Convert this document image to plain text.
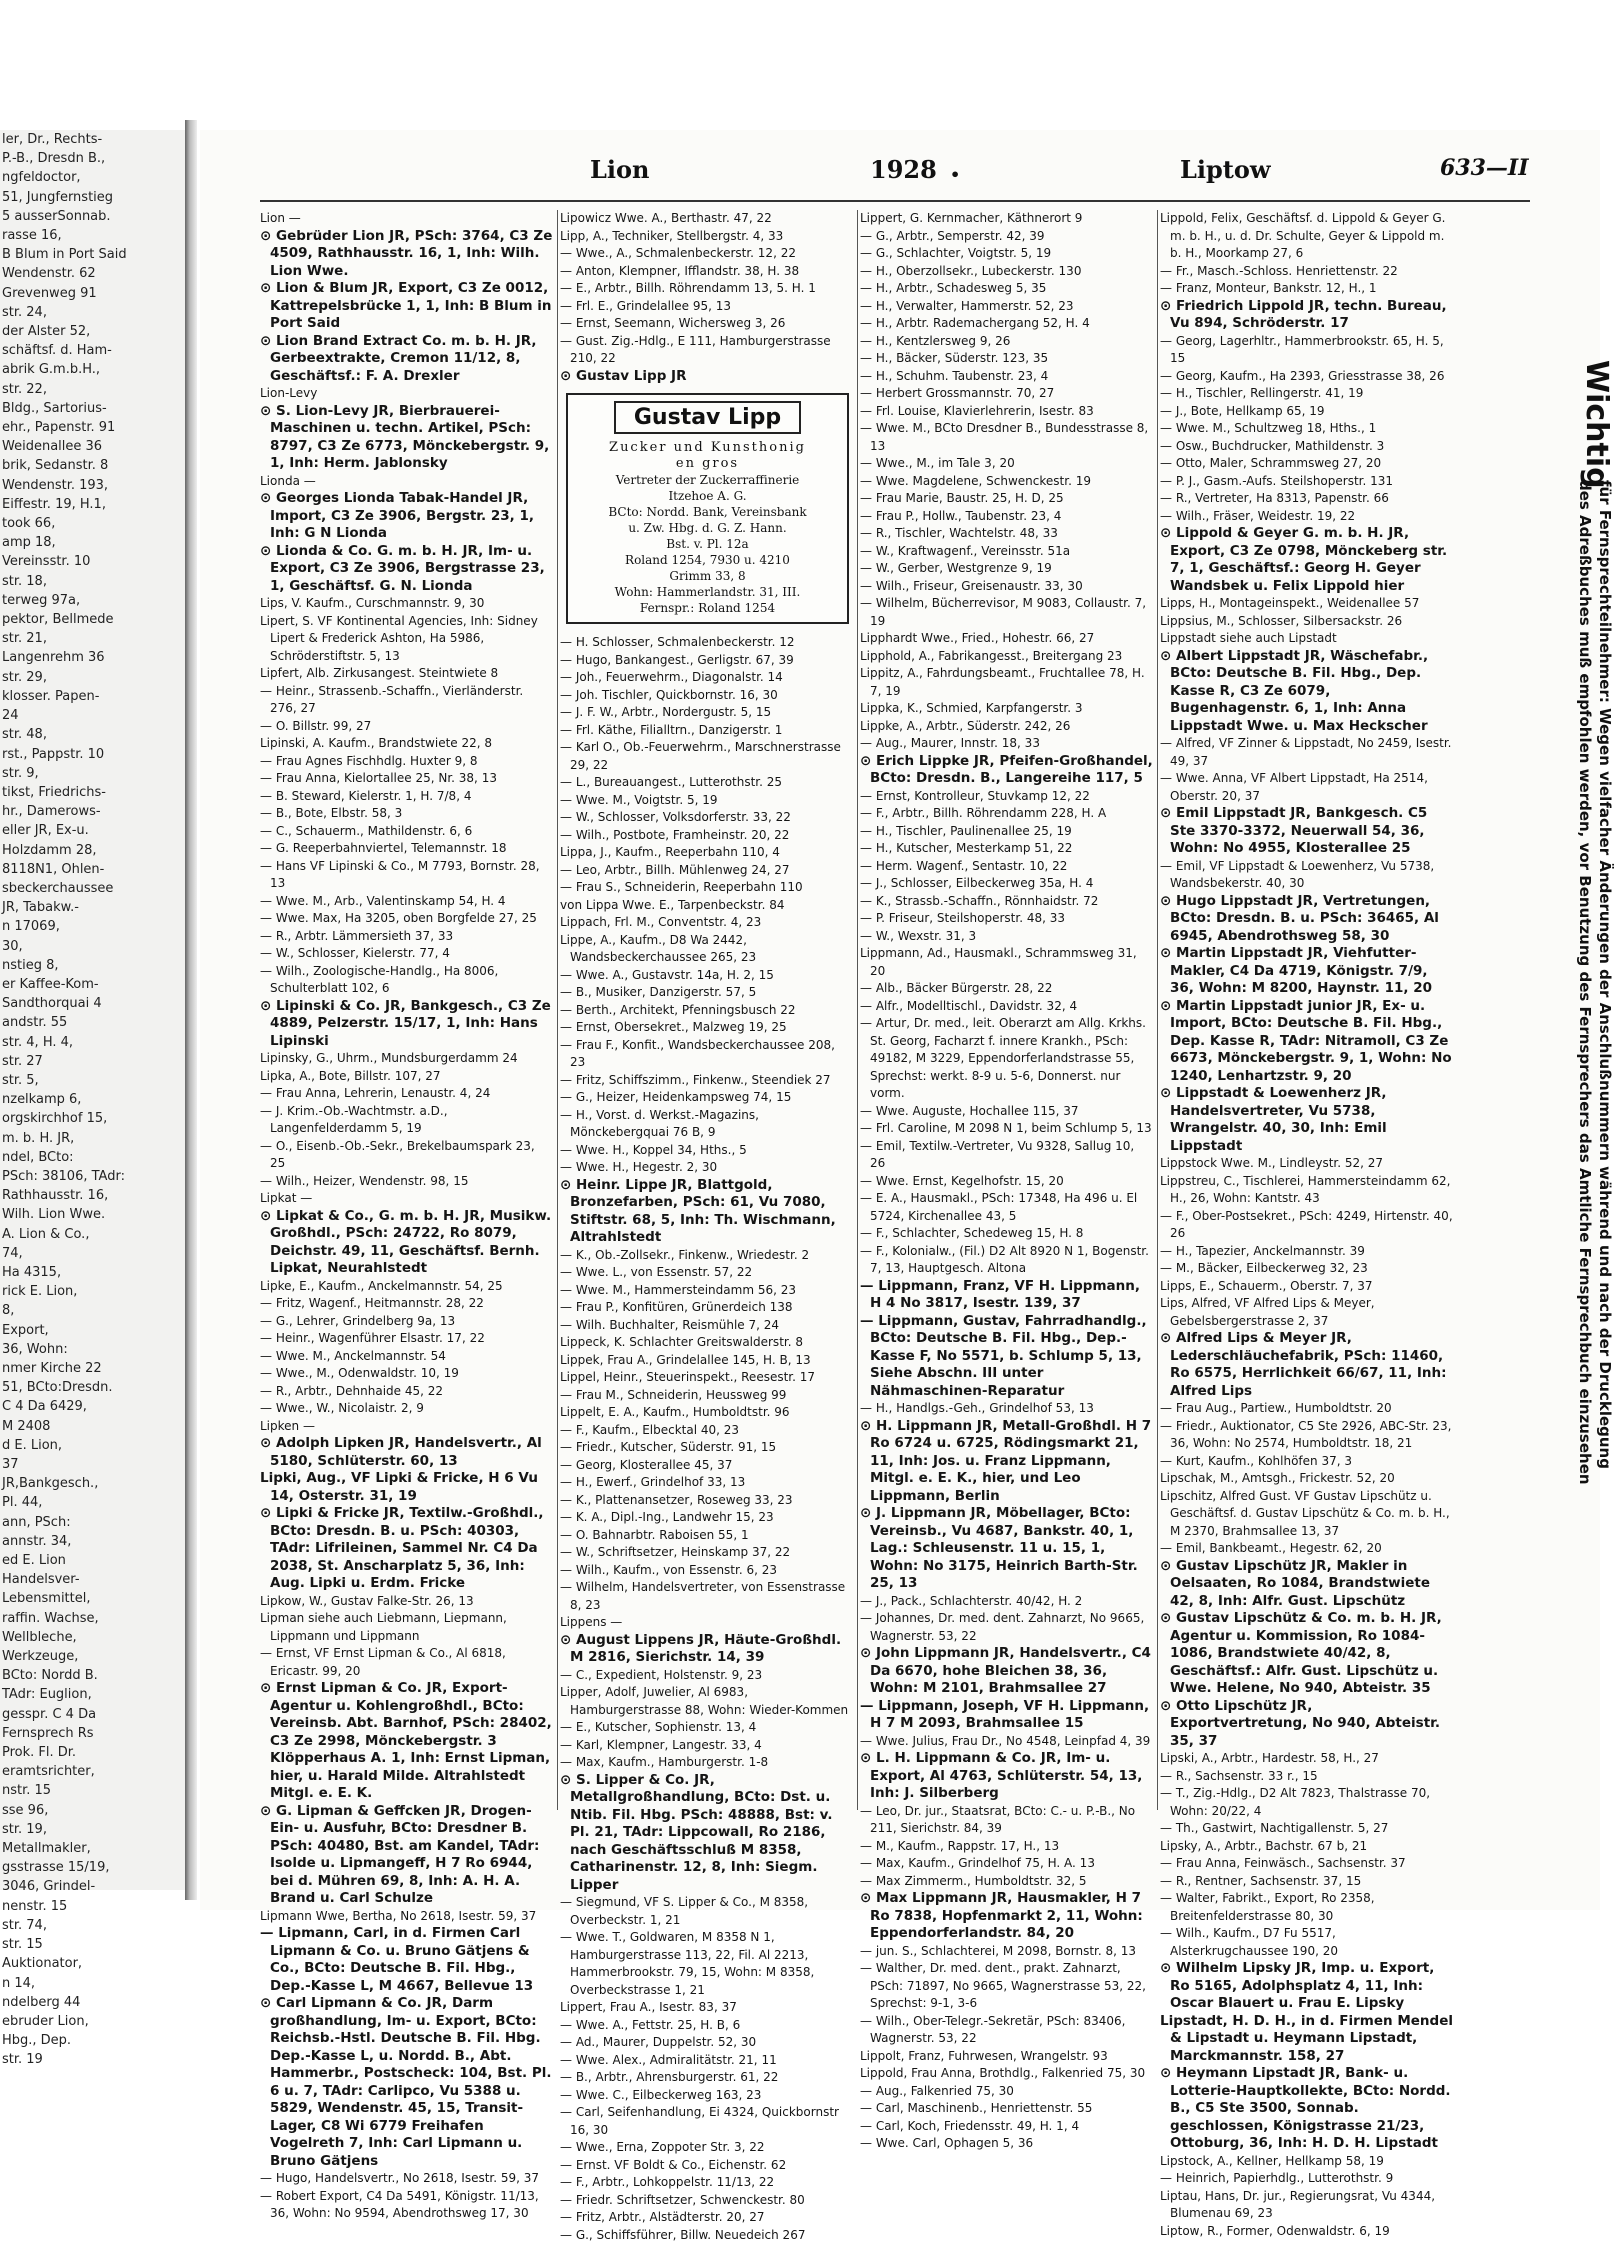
ler, Dr., Rechts-
P.-B., Dresdn B.,
ngfeldoctor,
51, Jungfernstieg
5 ausserSonnab.
rasse 16,
B Blum in Port Said
Wendenstr. 62
Grevenweg 91
str. 24,
der Alster 52,
schäftsf. d. Ham-
abrik G.m.b.H.,
str. 22,
Bldg., Sartorius-
ehr., Papenstr. 91
Weidenallee 36
brik, Sedanstr. 8
Wendenstr. 193,
Eiffestr. 19, H.1,
took 66,
amp 18,
Vereinsstr. 10
str. 18,
terweg 97a,
pektor, Bellmede
str. 21,
Langenrehm 36
str. 29,
klosser. Papen-
24
str. 48,
rst., Pappstr. 10
str. 9,
tikst, Friedrichs-
hr., Damerows-
eller JR, Ex-u.
Holzdamm 28,
8118N1, Ohlen-
sbeckerchaussee
JR, Tabakw.-
n 17069,
30,
nstieg 8,
er Kaffee-Kom-
Sandthorquai 4
andstr. 55
str. 4, H. 4,
str. 27
str. 5,
nzelkamp 6,
orgskirchhof 15,
m. b. H. JR,
ndel, BCto:
PSch: 38106, TAdr:
Rathhausstr. 16,
Wilh. Lion Wwe.
A. Lion & Co.,
74,
Ha 4315,
rick E. Lion,
8,
Export,
36, Wohn:
nmer Kirche 22
51, BCto:Dresdn.
C 4 Da 6429,
M 2408
d E. Lion,
37
JR,Bankgesch.,
Pl. 44,
ann, PSch:
annstr. 34,
ed E. Lion
Handelsver-
Lebensmittel,
raffin. Wachse,
Wellbleche,
Werkzeuge,
BCto: Nordd B.
TAdr: Euglion,
gesspr. C 4 Da
Fernsprech Rs
Prok. Fl. Dr.
eramtsrichter,
nstr. 15
sse 96,
str. 19,
Metallmakler,
gsstrasse 15/19,
3046, Grindel-
nenstr. 15
str. 74,
str. 15
Auktionator,
n 14,
ndelberg 44
ebruder Lion,
Hbg., Dep.
str. 19
Lion	1928 •	Liptow	633—II

Lion —

⊙ Gebrüder Lion JR, PSch: 3764, C3 Ze 4509, Rathhausstr. 16, 1, Inh: Wilh. Lion Wwe.

⊙ Lion & Blum JR, Export, C3 Ze 0012, Kattrepelsbrücke 1, 1, Inh: B Blum in Port Said

⊙ Lion Brand Extract Co. m. b. H. JR, Gerbeextrakte, Cremon 11/12, 8, Geschäftsf.: F. A. Drexler

Lion-Levy

⊙ S. Lion-Levy JR, Bierbrauerei-Maschinen u. techn. Artikel, PSch: 8797, C3 Ze 6773, Mönckebergstr. 9, 1, Inh: Herm. Jablonsky

Lionda —

⊙ Georges Lionda Tabak-Handel JR, Import, C3 Ze 3906, Bergstr. 23, 1, Inh: G N Lionda

⊙ Lionda & Co. G. m. b. H. JR, Im- u. Export, C3 Ze 3906, Bergstrasse 23, 1, Geschäftsf. G. N. Lionda

Lips, V. Kaufm., Curschmannstr. 9, 30

Lipert, S. VF Kontinental Agencies, Inh: Sidney Lipert & Frederick Ashton, Ha 5986, Schröderstiftstr. 5, 13

Lipfert, Alb. Zirkusangest. Steintwiete 8

— Heinr., Strassenb.-Schaffn., Vierländerstr. 276, 27

— O. Billstr. 99, 27

Lipinski, A. Kaufm., Brandstwiete 22, 8

— Frau Agnes Fischhdlg. Huxter 9, 8

— Frau Anna, Kielortallee 25, Nr. 38, 13

— B. Steward, Kielerstr. 1, H. 7/8, 4

— B., Bote, Elbstr. 58, 3

— C., Schauerm., Mathildenstr. 6, 6

— G. Reeperbahnviertel, Telemannstr. 18

— Hans VF Lipinski & Co., M 7793, Bornstr. 28, 13

— Wwe. M., Arb., Valentinskamp 54, H. 4

— Wwe. Max, Ha 3205, oben Borgfelde 27, 25

— R., Arbtr. Lämmersieth 37, 33

— W., Schlosser, Kielerstr. 77, 4

— Wilh., Zoologische-Handlg., Ha 8006, Schulterblatt 102, 6

⊙ Lipinski & Co. JR, Bankgesch., C3 Ze 4889, Pelzerstr. 15/17, 1, Inh: Hans Lipinski

Lipinsky, G., Uhrm., Mundsburgerdamm 24

Lipka, A., Bote, Billstr. 107, 27

— Frau Anna, Lehrerin, Lenaustr. 4, 24

— J. Krim.-Ob.-Wachtmstr. a.D., Langenfelderdamm 5, 19

— O., Eisenb.-Ob.-Sekr., Brekelbaumspark 23, 25

— Wilh., Heizer, Wendenstr. 98, 15

Lipkat —

⊙ Lipkat & Co., G. m. b. H. JR, Musikw. Großhdl., PSch: 24722, Ro 8079, Deichstr. 49, 11, Geschäftsf. Bernh. Lipkat, Neurahlstedt

Lipke, E., Kaufm., Anckelmannstr. 54, 25

— Fritz, Wagenf., Heitmannstr. 28, 22

— G., Lehrer, Grindelberg 9a, 13

— Heinr., Wagenführer Elsastr. 17, 22

— Wwe. M., Anckelmannstr. 54

— Wwe., M., Odenwaldstr. 10, 19

— R., Arbtr., Dehnhaide 45, 22

— Wwe., W., Nicolaistr. 2, 9

Lipken —

⊙ Adolph Lipken JR, Handelsvertr., Al 5180, Schlüterstr. 60, 13

Lipki, Aug., VF Lipki & Fricke, H 6 Vu 14, Osterstr. 31, 19

⊙ Lipki & Fricke JR, Textilw.-Großhdl., BCto: Dresdn. B. u. PSch: 40303, TAdr: Lifrileinen, Sammel Nr. C4 Da 2038, St. Anscharplatz 5, 36, Inh: Aug. Lipki u. Erdm. Fricke

Lipkow, W., Gustav Falke-Str. 26, 13

Lipman siehe auch Liebmann, Liepmann, Lippmann und Lippmann

— Ernst, VF Ernst Lipman & Co., Al 6818, Ericastr. 99, 20

⊙ Ernst Lipman & Co. JR, Export-Agentur u. Kohlengroßhdl., BCto: Vereinsb. Abt. Barnhof, PSch: 28402, C3 Ze 2998, Mönckebergstr. 3 Klöpperhaus A. 1, Inh: Ernst Lipman, hier, u. Harald Milde. Altrahlstedt Mitgl. e. E. K.

⊙ G. Lipman & Geffcken JR, Drogen-Ein- u. Ausfuhr, BCto: Dresdner B. PSch: 40480, Bst. am Kandel, TAdr: Isolde u. Lipmangeff, H 7 Ro 6944, bei d. Mühren 69, 8, Inh: A. H. A. Brand u. Carl Schulze

Lipmann Wwe, Bertha, No 2618, Isestr. 59, 37

— Lipmann, Carl, in d. Firmen Carl Lipmann & Co. u. Bruno Gätjens & Co., BCto: Deutsche B. Fil. Hbg., Dep.-Kasse L, M 4667, Bellevue 13

⊙ Carl Lipmann & Co. JR, Darm großhandlung, Im- u. Export, BCto: Reichsb.-Hstl. Deutsche B. Fil. Hbg. Dep.-Kasse L, u. Nordd. B., Abt. Hammerbr., Postscheck: 104, Bst. Pl. 6 u. 7, TAdr: Carlipco, Vu 5388 u. 5829, Wendenstr. 45, 15, Transit-Lager, C8 Wi 6779 Freihafen Vogelreth 7, Inh: Carl Lipmann u. Bruno Gätjens

— Hugo, Handelsvertr., No 2618, Isestr. 59, 37

— Robert Export, C4 Da 5491, Königstr. 11/13, 36, Wohn: No 9594, Abendrothsweg 17, 30

Lipowicz Wwe. A., Berthastr. 47, 22

Lipp, A., Techniker, Stellbergstr. 4, 33

— Wwe., A., Schmalenbeckerstr. 12, 22

— Anton, Klempner, Ifflandstr. 38, H. 38

— E., Arbtr., Billh. Röhrendamm 13, 5. H. 1

— Frl. E., Grindelallee 95, 13

— Ernst, Seemann, Wichersweg 3, 26

— Gust. Zig.-Hdlg., E 111, Hamburgerstrasse 210, 22

⊙ Gustav Lipp JR

Gustav Lipp
Zucker und Kunsthonig
en gros
Vertreter der Zuckerraffinerie
Itzehoe A. G.
BCto: Nordd. Bank, Vereinsbank
u. Zw. Hbg. d. G. Z. Hann.
Bst. v. Pl. 12a
Roland 1254, 7930 u. 4210
Grimm 33, 8
Wohn: Hammerlandstr. 31, III.
Fernspr.: Roland 1254

— H. Schlosser, Schmalenbeckerstr. 12

— Hugo, Bankangest., Gerligstr. 67, 39

— Joh., Feuerwehrm., Diagonalstr. 14

— Joh. Tischler, Quickbornstr. 16, 30

— J. F. W., Arbtr., Nordergustr. 5, 15

— Frl. Käthe, Filialltrn., Danzigerstr. 1

— Karl O., Ob.-Feuerwehrm., Marschnerstrasse 29, 22

— L., Bureauangest., Lutterothstr. 25

— Wwe. M., Voigtstr. 5, 19

— W., Schlosser, Volksdorferstr. 33, 22

— Wilh., Postbote, Framheinstr. 20, 22

Lippa, J., Kaufm., Reeperbahn 110, 4

— Leo, Arbtr., Billh. Mühlenweg 24, 27

— Frau S., Schneiderin, Reeperbahn 110

von Lippa Wwe. E., Tarpenbeckstr. 84

Lippach, Frl. M., Conventstr. 4, 23

Lippe, A., Kaufm., D8 Wa 2442, Wandsbeckerchaussee 265, 23

— Wwe. A., Gustavstr. 14a, H. 2, 15

— B., Musiker, Danzigerstr. 57, 5

— Berth., Architekt, Pfenningsbusch 22

— Ernst, Obersekret., Malzweg 19, 25

— Frau F., Konfit., Wandsbeckerchaussee 208, 23

— Fritz, Schiffszimm., Finkenw., Steendiek 27

— G., Heizer, Heidenkampsweg 74, 15

— H., Vorst. d. Werkst.-Magazins, Mönckebergquai 76 B, 9

— Wwe. H., Koppel 34, Hths., 5

— Wwe. H., Hegestr. 2, 30

⊙ Heinr. Lippe JR, Blattgold, Bronzefarben, PSch: 61, Vu 7080, Stiftstr. 68, 5, Inh: Th. Wischmann, Altrahlstedt

— K., Ob.-Zollsekr., Finkenw., Wriedestr. 2

— Wwe. L., von Essenstr. 57, 22

— Wwe. M., Hammersteindamm 56, 23

— Frau P., Konfitüren, Grünerdeich 138

— Wilh. Buchhalter, Reismühle 7, 24

Lippeck, K. Schlachter Greitswalderstr. 8

Lippek, Frau A., Grindelallee 145, H. B, 13

Lippel, Heinr., Steuerinspekt., Reesestr. 17

— Frau M., Schneiderin, Heussweg 99

Lippelt, E. A., Kaufm., Humboldtstr. 96

— F., Kaufm., Elbecktal 40, 23

— Friedr., Kutscher, Süderstr. 91, 15

— Georg, Klosterallee 45, 37

— H., Ewerf., Grindelhof 33, 13

— K., Plattenansetzer, Roseweg 33, 23

— K. A., Dipl.-Ing., Landwehr 15, 23

— O. Bahnarbtr. Raboisen 55, 1

— W., Schriftsetzer, Heinskamp 37, 22

— Wilh., Kaufm., von Essenstr. 6, 23

— Wilhelm, Handelsvertreter, von Essenstrasse 8, 23

Lippens —

⊙ August Lippens JR, Häute-Großhdl. M 2816, Sierichstr. 14, 39

— C., Expedient, Holstenstr. 9, 23

Lipper, Adolf, Juwelier, Al 6983, Hamburgerstrasse 88, Wohn: Wieder-Kommen

— E., Kutscher, Sophienstr. 13, 4

— Karl, Klempner, Langestr. 33, 4

— Max, Kaufm., Hamburgerstr. 1-8

⊙ S. Lipper & Co. JR, Metallgroßhandlung, BCto: Dst. u. Ntib. Fil. Hbg. PSch: 48888, Bst: v. Pl. 21, TAdr: Lippcowall, Ro 2186, nach Geschäftsschluß M 8358, Catharinenstr. 12, 8, Inh: Siegm. Lipper

— Siegmund, VF S. Lipper & Co., M 8358, Overbeckstr. 1, 21

— Wwe. T., Goldwaren, M 8358 N 1, Hamburgerstrasse 113, 22, Fil. Al 2213, Hammerbrookstr. 79, 15, Wohn: M 8358, Overbeckstrasse 1, 21

Lippert, Frau A., Isestr. 83, 37

— Wwe. A., Fettstr. 25, H. B, 6

— Ad., Maurer, Duppelstr. 52, 30

— Wwe. Alex., Admiralitätstr. 21, 11

— B., Arbtr., Ahrensburgerstr. 61, 22

— Wwe. C., Eilbeckerweg 163, 23

— Carl, Seifenhandlung, Ei 4324, Quickbornstr 16, 30

— Wwe., Erna, Zoppoter Str. 3, 22

— Ernst. VF Boldt & Co., Eichenstr. 62

— F., Arbtr., Lohkoppelstr. 11/13, 22

— Friedr. Schriftsetzer, Schwenckestr. 80

— Fritz, Arbtr., Alstädterstr. 20, 27

— G., Schiffsführer, Billw. Neuedeich 267

Lippert, G. Kernmacher, Käthnerort 9

— G., Arbtr., Semperstr. 42, 39

— G., Schlachter, Voigtstr. 5, 19

— H., Oberzollsekr., Lubeckerstr. 130

— H., Arbtr., Schadesweg 5, 35

— H., Verwalter, Hammerstr. 52, 23

— H., Arbtr. Rademachergang 52, H. 4

— H., Kentzlersweg 9, 26

— H., Bäcker, Süderstr. 123, 35

— H., Schuhm. Taubenstr. 23, 4

— Herbert Grossmannstr. 70, 27

— Frl. Louise, Klavierlehrerin, Isestr. 83

— Wwe. M., BCto Dresdner B., Bundesstrasse 8, 13

— Wwe., M., im Tale 3, 20

— Wwe. Magdelene, Schwenckestr. 19

— Frau Marie, Baustr. 25, H. D, 25

— Frau P., Hollw., Taubenstr. 23, 4

— R., Tischler, Wachtelstr. 48, 33

— W., Kraftwagenf., Vereinsstr. 51a

— W., Gerber, Westgrenze 9, 19

— Wilh., Friseur, Greisenaustr. 33, 30

— Wilhelm, Bücherrevisor, M 9083, Collaustr. 7, 19

Lipphardt Wwe., Fried., Hohestr. 66, 27

Lipphold, A., Fabrikangesst., Breitergang 23

Lippitz, A., Fahrdungsbeamt., Fruchtallee 78, H. 7, 19

Lippka, K., Schmied, Karpfangerstr. 3

Lippke, A., Arbtr., Süderstr. 242, 26

— Aug., Maurer, Innstr. 18, 33

⊙ Erich Lippke JR, Pfeifen-Großhandel, BCto: Dresdn. B., Langereihe 117, 5

— Ernst, Kontrolleur, Stuvkamp 12, 22

— F., Arbtr., Billh. Röhrendamm 228, H. A

— H., Tischler, Paulinenallee 25, 19

— H., Kutscher, Mesterkamp 51, 22

— Herm. Wagenf., Sentastr. 10, 22

— J., Schlosser, Eilbeckerweg 35a, H. 4

— K., Strassb.-Schaffn., Rönnhaidstr. 72

— P. Friseur, Steilshoperstr. 48, 33

— W., Wexstr. 31, 3

Lippmann, Ad., Hausmakl., Schrammsweg 31, 20

— Alb., Bäcker Bürgerstr. 28, 22

— Alfr., Modelltischl., Davidstr. 32, 4

— Artur, Dr. med., leit. Oberarzt am Allg. Krkhs. St. Georg, Facharzt f. innere Krankh., PSch: 49182, M 3229, Eppendorferlandstrasse 55, Sprechst: werkt. 8-9 u. 5-6, Donnerst. nur vorm.

— Wwe. Auguste, Hochallee 115, 37

— Frl. Caroline, M 2098 N 1, beim Schlump 5, 13

— Emil, Textilw.-Vertreter, Vu 9328, Sallug 10, 26

— Wwe. Ernst, Kegelhofstr. 15, 20

— E. A., Hausmakl., PSch: 17348, Ha 496 u. El 5724, Kirchenallee 43, 5

— F., Schlachter, Schedeweg 15, H. 8

— F., Kolonialw., (Fil.) D2 Alt 8920 N 1, Bogenstr. 7, 13, Hauptgesch. Altona

— Lippmann, Franz, VF H. Lippmann, H 4 No 3817, Isestr. 139, 37

— Lippmann, Gustav, Fahrradhandlg., BCto: Deutsche B. Fil. Hbg., Dep.-Kasse F, No 5571, b. Schlump 5, 13, Siehe Abschn. III unter Nähmaschinen-Reparatur

— H., Handlgs.-Geh., Grindelhof 53, 13

⊙ H. Lippmann JR, Metall-Großhdl. H 7 Ro 6724 u. 6725, Rödingsmarkt 21, 11, Inh: Jos. u. Franz Lippmann, Mitgl. e. E. K., hier, und Leo Lippmann, Berlin

⊙ J. Lippmann JR, Möbellager, BCto: Vereinsb., Vu 4687, Bankstr. 40, 1, Lag.: Schleusenstr. 11 u. 15, 1, Wohn: No 3175, Heinrich Barth-Str. 25, 13

— J., Pack., Schlachterstr. 40/42, H. 2

— Johannes, Dr. med. dent. Zahnarzt, No 9665, Wagnerstr. 53, 22

⊙ John Lippmann JR, Handelsvertr., C4 Da 6670, hohe Bleichen 38, 36, Wohn: M 2101, Brahmsallee 27

— Lippmann, Joseph, VF H. Lippmann, H 7 M 2093, Brahmsallee 15

— Wwe. Julius, Frau Dr., No 4548, Leinpfad 4, 39

⊙ L. H. Lippmann & Co. JR, Im- u. Export, Al 4763, Schlüterstr. 54, 13, Inh: J. Silberberg

— Leo, Dr. jur., Staatsrat, BCto: C.- u. P.-B., No 211, Sierichstr. 84, 39

— M., Kaufm., Rappstr. 17, H., 13

— Max, Kaufm., Grindelhof 75, H. A. 13

— Max Zimmerm., Humboldtstr. 32, 5

⊙ Max Lippmann JR, Hausmakler, H 7 Ro 7838, Hopfenmarkt 2, 11, Wohn: Eppendorferlandstr. 84, 20

— jun. S., Schlachterei, M 2098, Bornstr. 8, 13

— Walther, Dr. med. dent., prakt. Zahnarzt, PSch: 71897, No 9665, Wagnerstrasse 53, 22, Sprechst: 9-1, 3-6

— Wilh., Ober-Telegr.-Sekretär, PSch: 83406, Wagnerstr. 53, 22

Lippolt, Franz, Fuhrwesen, Wrangelstr. 93

Lippold, Frau Anna, Brothdlg., Falkenried 75, 30

— Aug., Falkenried 75, 30

— Carl, Maschinenb., Henriettenstr. 55

— Carl, Koch, Friedensstr. 49, H. 1, 4

— Wwe. Carl, Ophagen 5, 36

Lippold, Felix, Geschäftsf. d. Lippold & Geyer G. m. b. H., u. d. Dr. Schulte, Geyer & Lippold m. b. H., Moorkamp 27, 6

— Fr., Masch.-Schloss. Henriettenstr. 22

— Franz, Monteur, Bankstr. 12, H., 1

⊙ Friedrich Lippold JR, techn. Bureau, Vu 894, Schröderstr. 17

— Georg, Lagerhltr., Hammerbrookstr. 65, H. 5, 15

— Georg, Kaufm., Ha 2393, Griesstrasse 38, 26

— H., Tischler, Rellingerstr. 41, 19

— J., Bote, Hellkamp 65, 19

— Wwe. M., Schultzweg 18, Hths., 1

— Osw., Buchdrucker, Mathildenstr. 3

— Otto, Maler, Schrammsweg 27, 20

— P. J., Gasm.-Aufs. Steilshoperstr. 131

— R., Vertreter, Ha 8313, Papenstr. 66

— Wilh., Fräser, Weidestr. 19, 22

⊙ Lippold & Geyer G. m. b. H. JR, Export, C3 Ze 0798, Mönckeberg str. 7, 1, Geschäftsf.: Georg H. Geyer Wandsbek u. Felix Lippold hier

Lipps, H., Montageinspekt., Weidenallee 57

Lippsius, M., Schlosser, Silbersackstr. 26

Lippstadt siehe auch Lipstadt

⊙ Albert Lippstadt JR, Wäschefabr., BCto: Deutsche B. Fil. Hbg., Dep. Kasse R, C3 Ze 6079, Bugenhagenstr. 6, 1, Inh: Anna Lippstadt Wwe. u. Max Heckscher

— Alfred, VF Zinner & Lippstadt, No 2459, Isestr. 49, 37

— Wwe. Anna, VF Albert Lippstadt, Ha 2514, Oberstr. 20, 37

⊙ Emil Lippstadt JR, Bankgesch. C5 Ste 3370-3372, Neuerwall 54, 36, Wohn: No 4955, Klosterallee 25

— Emil, VF Lippstadt & Loewenherz, Vu 5738, Wandsbekerstr. 40, 30

⊙ Hugo Lippstadt JR, Vertretungen, BCto: Dresdn. B. u. PSch: 36465, Al 6945, Abendrothsweg 58, 30

⊙ Martin Lippstadt JR, Viehfutter-Makler, C4 Da 4719, Königstr. 7/9, 36, Wohn: M 8200, Haynstr. 11, 20

⊙ Martin Lippstadt junior JR, Ex- u. Import, BCto: Deutsche B. Fil. Hbg., Dep. Kasse R, TAdr: Nitramoll, C3 Ze 6673, Mönckebergstr. 9, 1, Wohn: No 1240, Lenhartzstr. 9, 20

⊙ Lippstadt & Loewenherz JR, Handelsvertreter, Vu 5738, Wrangelstr. 40, 30, Inh: Emil Lippstadt

Lippstock Wwe. M., Lindleystr. 52, 27

Lippstreu, C., Tischlerei, Hammersteindamm 62, H., 26, Wohn: Kantstr. 43

— F., Ober-Postsekret., PSch: 4249, Hirtenstr. 40, 26

— H., Tapezier, Anckelmannstr. 39

— M., Bäcker, Eilbeckerweg 32, 23

Lipps, E., Schauerm., Oberstr. 7, 37

Lips, Alfred, VF Alfred Lips & Meyer, Gebelsbergerstrasse 2, 37

⊙ Alfred Lips & Meyer JR, Lederschläuchefabrik, PSch: 11460, Ro 6575, Herrlichkeit 66/67, 11, Inh: Alfred Lips

— Frau Aug., Partiew., Humboldtstr. 20

— Friedr., Auktionator, C5 Ste 2926, ABC-Str. 23, 36, Wohn: No 2574, Humboldtstr. 18, 21

— Kurt, Kaufm., Kohlhöfen 37, 3

Lipschak, M., Amtsgh., Frickestr. 52, 20

Lipschitz, Alfred Gust. VF Gustav Lipschütz u. Geschäftsf. d. Gustav Lipschütz & Co. m. b. H., M 2370, Brahmsallee 13, 37

— Emil, Bankbeamt., Hegestr. 62, 20

⊙ Gustav Lipschütz JR, Makler in Oelsaaten, Ro 1084, Brandstwiete 42, 8, Inh: Alfr. Gust. Lipschütz

⊙ Gustav Lipschütz & Co. m. b. H. JR, Agentur u. Kommission, Ro 1084-1086, Brandstwiete 40/42, 8, Geschäftsf.: Alfr. Gust. Lipschütz u. Wwe. Helene, No 940, Abteistr. 35

⊙ Otto Lipschütz JR, Exportvertretung, No 940, Abteistr. 35, 37

Lipski, A., Arbtr., Hardestr. 58, H., 27

— R., Sachsenstr. 33 r., 15

— T., Zig.-Hdlg., D2 Alt 7823, Thalstrasse 70, Wohn: 20/22, 4

— Th., Gastwirt, Nachtigallenstr. 5, 27

Lipsky, A., Arbtr., Bachstr. 67 b, 21

— Frau Anna, Feinwäsch., Sachsenstr. 37

— R., Rentner, Sachsenstr. 37, 15

— Walter, Fabrikt., Export, Ro 2358, Breitenfelderstrasse 80, 30

— Wilh., Kaufm., D7 Fu 5517, Alsterkrugchaussee 190, 20

⊙ Wilhelm Lipsky JR, Imp. u. Export, Ro 5165, Adolphsplatz 4, 11, Inh: Oscar Blauert u. Frau E. Lipsky

Lipstadt, H. D. H., in d. Firmen Mendel & Lipstadt u. Heymann Lipstadt, Marckmannstr. 158, 27

⊙ Heymann Lipstadt JR, Bank- u. Lotterie-Hauptkollekte, BCto: Nordd. B., C5 Ste 3500, Sonnab. geschlossen, Königstrasse 21/23, Ottoburg, 36, Inh: H. D. H. Lipstadt

Lipstock, A., Kellner, Hellkamp 58, 19

— Heinrich, Papierhdlg., Lutterothstr. 9

Liptau, Hans, Dr. jur., Regierungsrat, Vu 4344, Blumenau 69, 23

Liptow, R., Former, Odenwaldstr. 6, 19

Wichtig
für Fernsprechteilnehmer: Wegen vielfacher Änderungen der Anschlußnummern während und nach der Drucklegung
des Adreßbuches muß empfohlen werden, vor Benutzung des Fernsprechers das Amtliche Fernsprechbuch einzusehen
